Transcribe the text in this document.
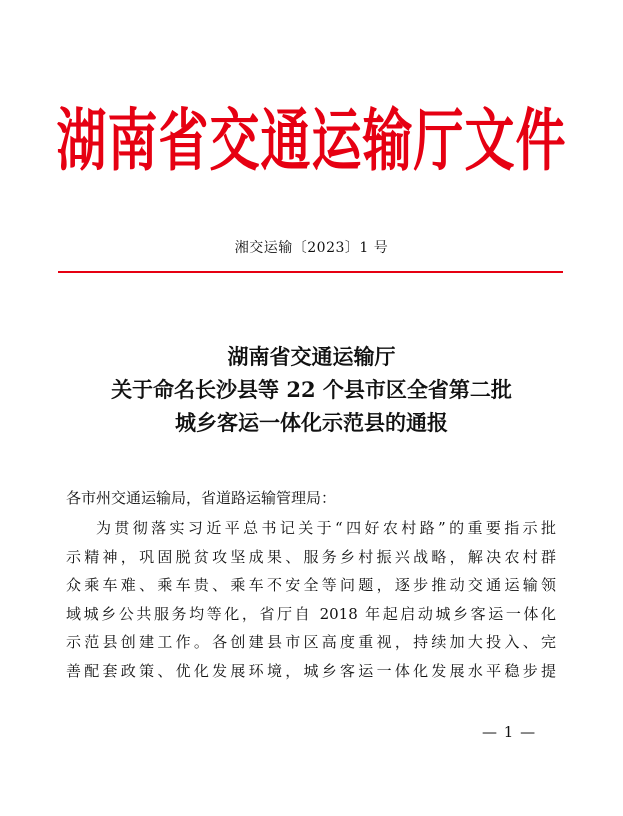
湖南省交通运输厅文件
湘交运输〔2023〕1 号
湖南省交通运输厅
关于命名长沙县等 22 个县市区全省第二批
城乡客运一体化示范县的通报
各市州交通运输局，省道路运输管理局：
为贯彻落实习近平总书记关于“四好农村路”的重要指示批
示精神，巩固脱贫攻坚成果、服务乡村振兴战略，解决农村群
众乘车难、乘车贵、乘车不安全等问题，逐步推动交通运输领
域城乡公共服务均等化，省厅自 2018 年起启动城乡客运一体化
示范县创建工作。各创建县市区高度重视，持续加大投入、完
善配套政策、优化发展环境，城乡客运一体化发展水平稳步提
— 1 —
